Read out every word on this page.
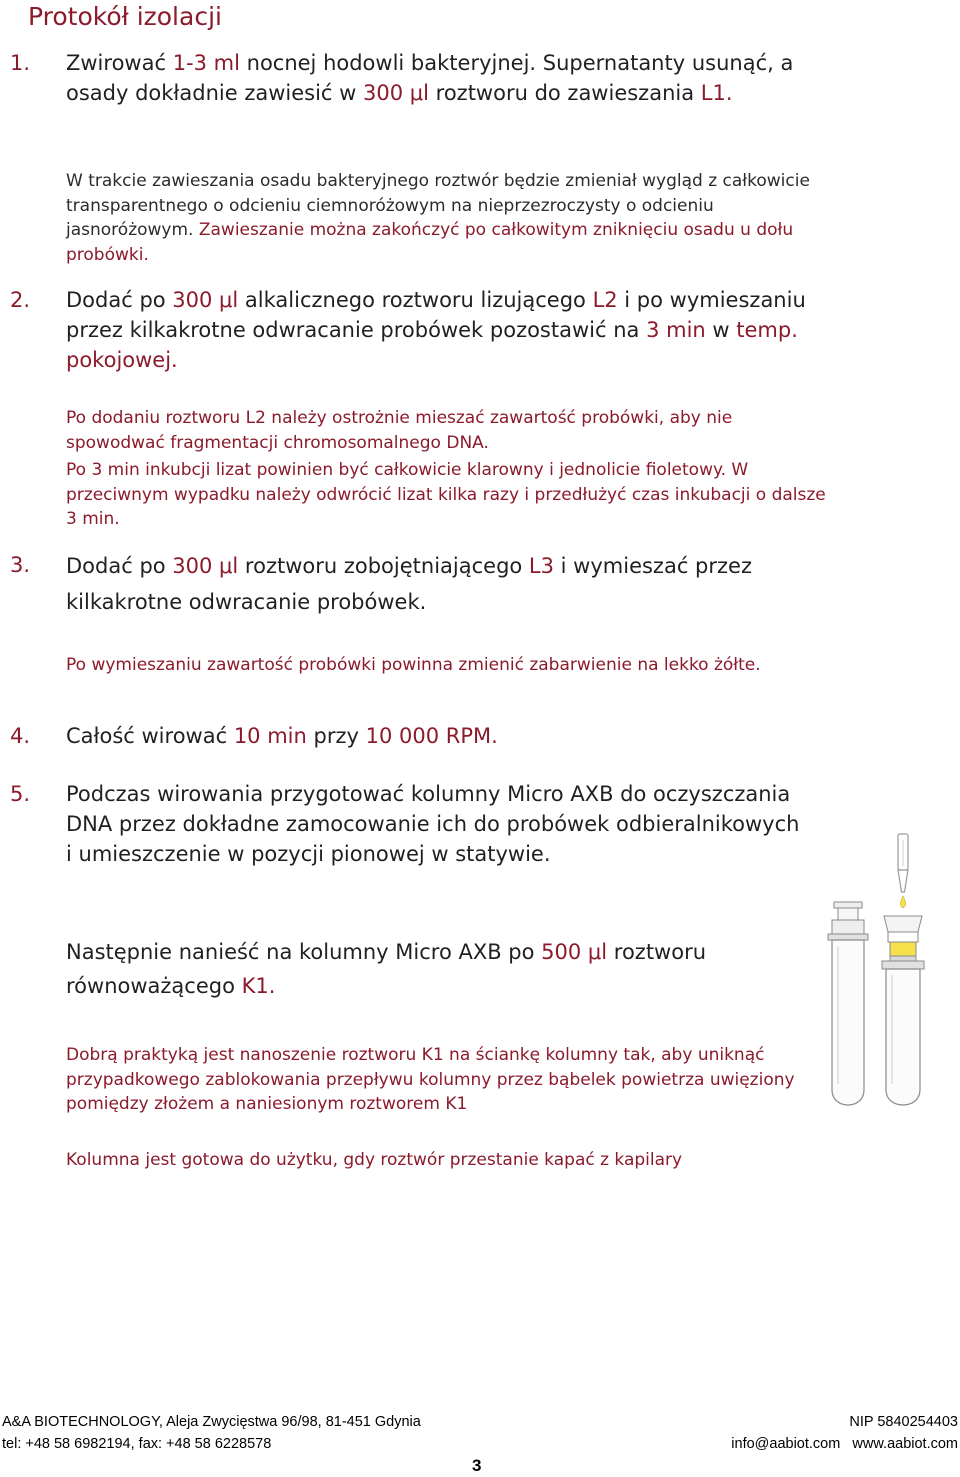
Protokół izolacji
1. Zwirować 1-3 ml nocnej hodowli bakteryjnej. Supernatanty usunąć, a osady dokładnie zawiesić w 300 μl roztworu do zawieszania L1.

W trakcie zawieszania osadu bakteryjnego roztwór będzie zmieniał wygląd z całkowicie transparentnego o odcieniu ciemnoróżowym na nieprzezroczysty o odcieniu jasnoróżowym. Zawieszanie można zakończyć po całkowitym zniknięciu osadu u dołu probówki.

2. Dodać po 300 μl alkalicznego roztworu lizującego L2 i po wymieszaniu przez kilkakrotne odwracanie probówek pozostawić na 3 min w temp. pokojowej.

Po dodaniu roztworu L2 należy ostrożnie mieszać zawartość probówki, aby nie spowodwać fragmentacji chromosomalnego DNA.

Po 3 min inkubcji lizat powinien być całkowicie klarowny i jednolicie fioletowy. W przeciwnym wypadku należy odwrócić lizat kilka razy i przedłużyć czas inkubacji o dalsze 3 min.

3. Dodać po 300 μl roztworu zobojętniającego L3 i wymieszać przez kilkakrotne odwracanie probówek.

Po wymieszaniu zawartość probówki powinna zmienić zabarwienie na lekko żółte.

4. Całość wirować 10 min przy 10 000 RPM.
5. Podczas wirowania przygotować kolumny Micro AXB do oczyszczania DNA przez dokładne zamocowanie ich do probówek odbieralnikowych i umieszczenie w pozycji pionowej w statywie.
Następnie nanieść na kolumny Micro AXB po 500 μl roztworu równoważącego K1.

Dobrą praktyką jest nanoszenie roztworu K1 na ściankę kolumny tak, aby uniknąć przypadkowego zablokowania przepływu kolumny przez bąbelek powietrza uwięziony pomiędzy złożem a naniesionym roztworem K1

Kolumna jest gotowa do użytku, gdy roztwór przestanie kapać z kapilary

A&A BIOTECHNOLOGY, Aleja Zwycięstwa 96/98, 81-451 Gdynia	NIP 5840254403
tel: +48 58 6982194, fax: +48 58 6228578	info@aabiot.com www.aabiot.com
3
